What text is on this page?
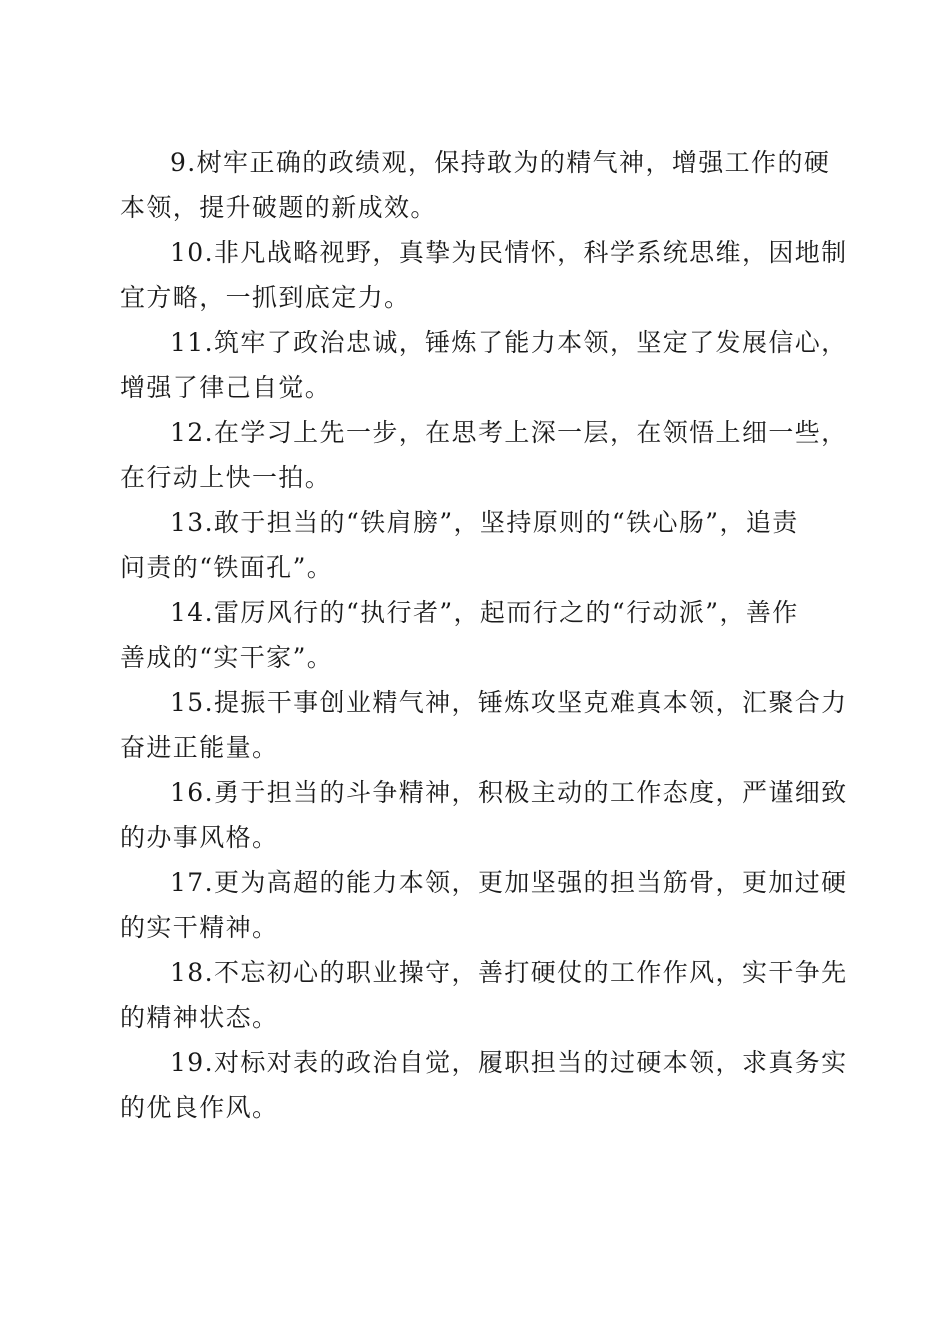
9.树牢正确的政绩观，保持敢为的精气神，增强工作的硬
本领，提升破题的新成效。

10.非凡战略视野，真挚为民情怀，科学系统思维，因地制
宜方略，一抓到底定力。

11.筑牢了政治忠诚，锤炼了能力本领，坚定了发展信心，
增强了律己自觉。

12.在学习上先一步，在思考上深一层，在领悟上细一些，
在行动上快一拍。

13.敢于担当的“铁肩膀”，坚持原则的“铁心肠”，追责
问责的“铁面孔”。

14.雷厉风行的“执行者”，起而行之的“行动派”，善作
善成的“实干家”。

15.提振干事创业精气神，锤炼攻坚克难真本领，汇聚合力
奋进正能量。

16.勇于担当的斗争精神，积极主动的工作态度，严谨细致
的办事风格。

17.更为高超的能力本领，更加坚强的担当筋骨，更加过硬
的实干精神。

18.不忘初心的职业操守，善打硬仗的工作作风，实干争先
的精神状态。

19.对标对表的政治自觉，履职担当的过硬本领，求真务实
的优良作风。
